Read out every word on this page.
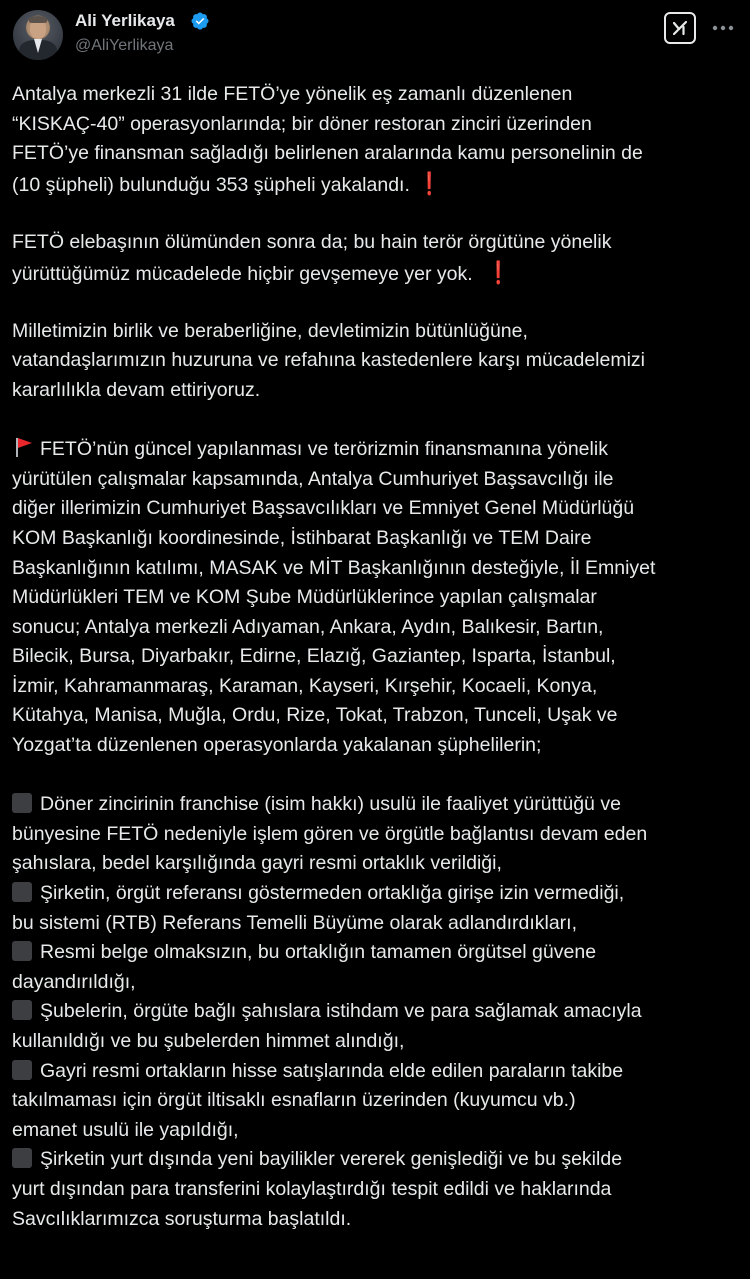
Ali Yerlikaya
@AliYerlikaya
Antalya merkezli 31 ilde FETÖ’ye yönelik eş zamanlı düzenlenen
“KISKAÇ-40” operasyonlarında; bir döner restoran zinciri üzerinden
FETÖ’ye finansman sağladığı belirlenen aralarında kamu personelinin de
(10 şüpheli) bulunduğu 353 şüpheli yakalandı. ❗
FETÖ elebaşının ölümünden sonra da; bu hain terör örgütüne yönelik
yürüttüğümüz mücadelede hiçbir gevşemeye yer yok. ❗
Milletimizin birlik ve beraberliğine, devletimizin bütünlüğüne,
vatandaşlarımızın huzuruna ve refahına kastedenlere karşı mücadelemizi
kararlılıkla devam ettiriyoruz.
FETÖ’nün güncel yapılanması ve terörizmin finansmanına yönelik
yürütülen çalışmalar kapsamında, Antalya Cumhuriyet Başsavcılığı ile
diğer illerimizin Cumhuriyet Başsavcılıkları ve Emniyet Genel Müdürlüğü
KOM Başkanlığı koordinesinde, İstihbarat Başkanlığı ve TEM Daire
Başkanlığının katılımı, MASAK ve MİT Başkanlığının desteğiyle, İl Emniyet
Müdürlükleri TEM ve KOM Şube Müdürlüklerince yapılan çalışmalar
sonucu; Antalya merkezli Adıyaman, Ankara, Aydın, Balıkesir, Bartın,
Bilecik, Bursa, Diyarbakır, Edirne, Elazığ, Gaziantep, Isparta, İstanbul,
İzmir, Kahramanmaraş, Karaman, Kayseri, Kırşehir, Kocaeli, Konya,
Kütahya, Manisa, Muğla, Ordu, Rize, Tokat, Trabzon, Tunceli, Uşak ve
Yozgat’ta düzenlenen operasyonlarda yakalanan şüphelilerin;
Döner zincirinin franchise (isim hakkı) usulü ile faaliyet yürüttüğü ve
bünyesine FETÖ nedeniyle işlem gören ve örgütle bağlantısı devam eden
şahıslara, bedel karşılığında gayri resmi ortaklık verildiği,
Şirketin, örgüt referansı göstermeden ortaklığa girişe izin vermediği,
bu sistemi (RTB) Referans Temelli Büyüme olarak adlandırdıkları,
Resmi belge olmaksızın, bu ortaklığın tamamen örgütsel güvene
dayandırıldığı,
Şubelerin, örgüte bağlı şahıslara istihdam ve para sağlamak amacıyla
kullanıldığı ve bu şubelerden himmet alındığı,
Gayri resmi ortakların hisse satışlarında elde edilen paraların takibe
takılmaması için örgüt iltisaklı esnafların üzerinden (kuyumcu vb.)
emanet usulü ile yapıldığı,
Şirketin yurt dışında yeni bayilikler vererek genişlediği ve bu şekilde
yurt dışından para transferini kolaylaştırdığı tespit edildi ve haklarında
Savcılıklarımızca soruşturma başlatıldı.
